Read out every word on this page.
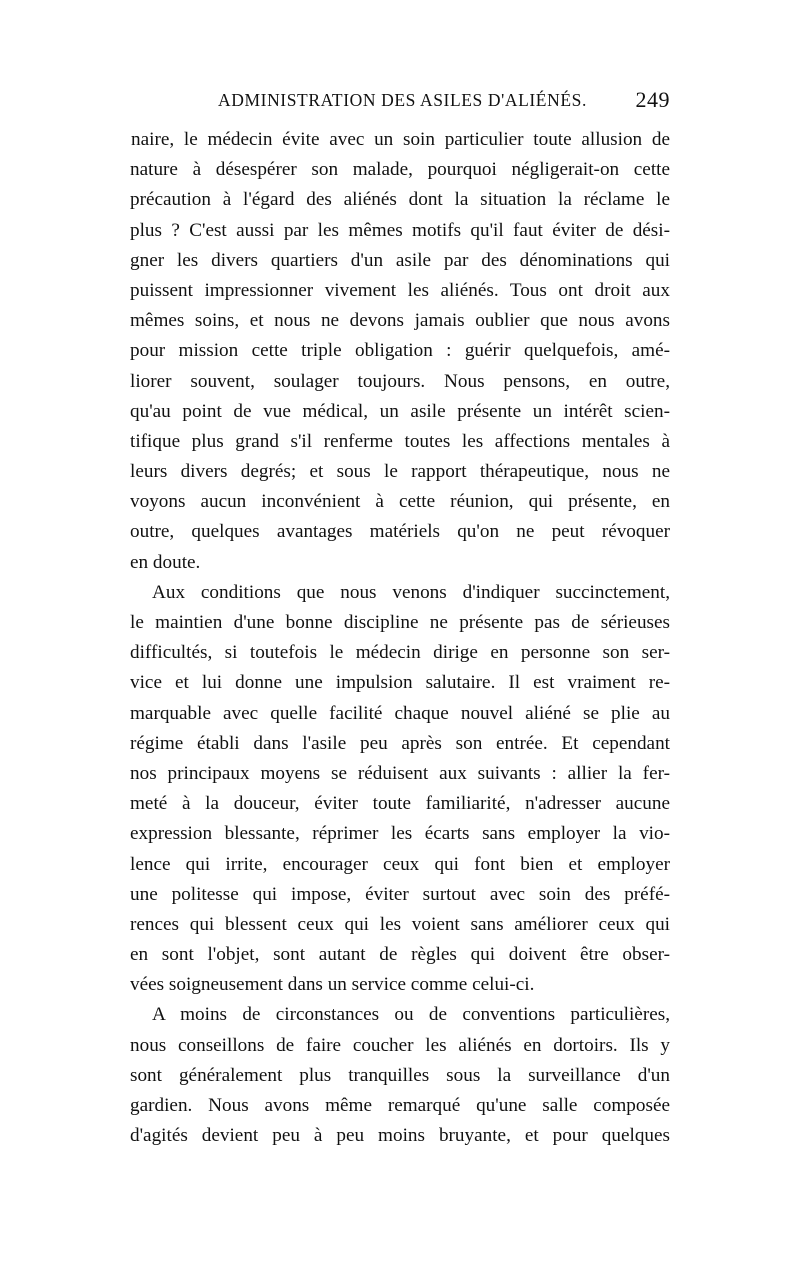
ADMINISTRATION DES ASILES D'ALIÉNÉS. 249
naire, le médecin évite avec un soin particulier toute allusion de
nature à désespérer son malade, pourquoi négligerait-on cette
précaution à l'égard des aliénés dont la situation la réclame le
plus ? C'est aussi par les mêmes motifs qu'il faut éviter de dési-
gner les divers quartiers d'un asile par des dénominations qui
puissent impressionner vivement les aliénés. Tous ont droit aux
mêmes soins, et nous ne devons jamais oublier que nous avons
pour mission cette triple obligation : guérir quelquefois, amé-
liorer souvent, soulager toujours. Nous pensons, en outre,
qu'au point de vue médical, un asile présente un intérêt scien-
tifique plus grand s'il renferme toutes les affections mentales à
leurs divers degrés; et sous le rapport thérapeutique, nous ne
voyons aucun inconvénient à cette réunion, qui présente, en
outre, quelques avantages matériels qu'on ne peut révoquer
en doute.
Aux conditions que nous venons d'indiquer succinctement,
le maintien d'une bonne discipline ne présente pas de sérieuses
difficultés, si toutefois le médecin dirige en personne son ser-
vice et lui donne une impulsion salutaire. Il est vraiment re-
marquable avec quelle facilité chaque nouvel aliéné se plie au
régime établi dans l'asile peu après son entrée. Et cependant
nos principaux moyens se réduisent aux suivants : allier la fer-
meté à la douceur, éviter toute familiarité, n'adresser aucune
expression blessante, réprimer les écarts sans employer la vio-
lence qui irrite, encourager ceux qui font bien et employer
une politesse qui impose, éviter surtout avec soin des préfé-
rences qui blessent ceux qui les voient sans améliorer ceux qui
en sont l'objet, sont autant de règles qui doivent être obser-
vées soigneusement dans un service comme celui-ci.
A moins de circonstances ou de conventions particulières,
nous conseillons de faire coucher les aliénés en dortoirs. Ils y
sont généralement plus tranquilles sous la surveillance d'un
gardien. Nous avons même remarqué qu'une salle composée
d'agités devient peu à peu moins bruyante, et pour quelques
